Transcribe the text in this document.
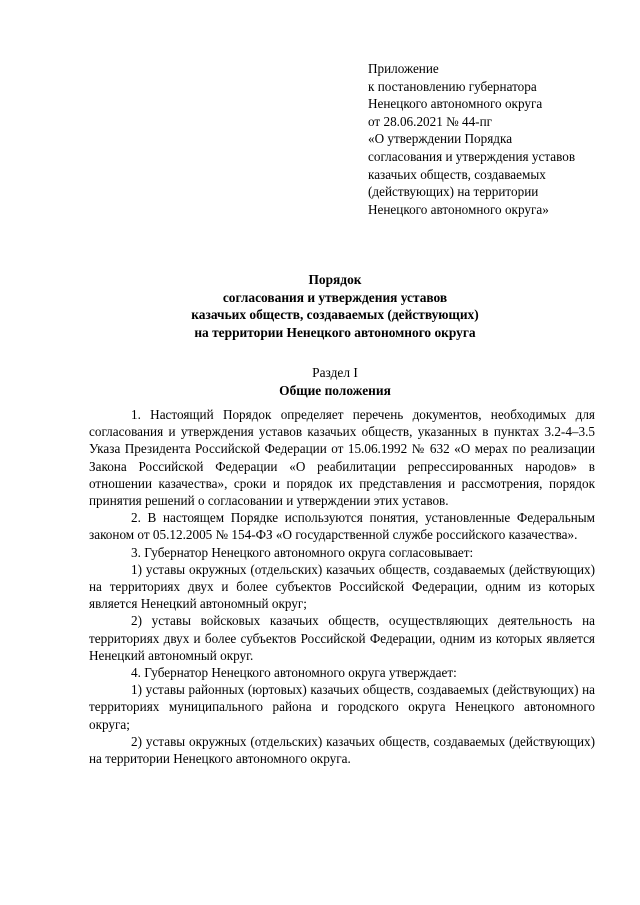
Приложение
к постановлению губернатора
Ненецкого автономного округа
от 28.06.2021 № 44-пг
«О утверждении Порядка
согласования и утверждения уставов
казачьих обществ, создаваемых
(действующих) на территории
Ненецкого автономного округа»
Порядок
согласования и утверждения уставов
казачьих обществ, создаваемых (действующих)
на территории Ненецкого автономного округа
Раздел I
Общие положения

1. Настоящий Порядок определяет перечень документов, необходимых для согласования и утверждения уставов казачьих обществ, указанных в пунктах 3.2-4–3.5 Указа Президента Российской Федерации от 15.06.1992 № 632 «О мерах по реализации Закона Российской Федерации «О реабилитации репрессированных народов» в отношении казачества», сроки и порядок их представления и рассмотрения, порядок принятия решений о согласовании и утверждении этих уставов.

2. В настоящем Порядке используются понятия, установленные Федеральным законом от 05.12.2005 № 154-ФЗ «О государственной службе российского казачества».

3. Губернатор Ненецкого автономного округа согласовывает:

1) уставы окружных (отдельских) казачьих обществ, создаваемых (действующих) на территориях двух и более субъектов Российской Федерации, одним из которых является Ненецкий автономный округ;

2) уставы войсковых казачьих обществ, осуществляющих деятельность на территориях двух и более субъектов Российской Федерации, одним из которых является Ненецкий автономный округ.

4. Губернатор Ненецкого автономного округа утверждает:

1) уставы районных (юртовых) казачьих обществ, создаваемых (действующих) на территориях муниципального района и городского округа Ненецкого автономного округа;

2) уставы окружных (отдельских) казачьих обществ, создаваемых (действующих) на территории Ненецкого автономного округа.
